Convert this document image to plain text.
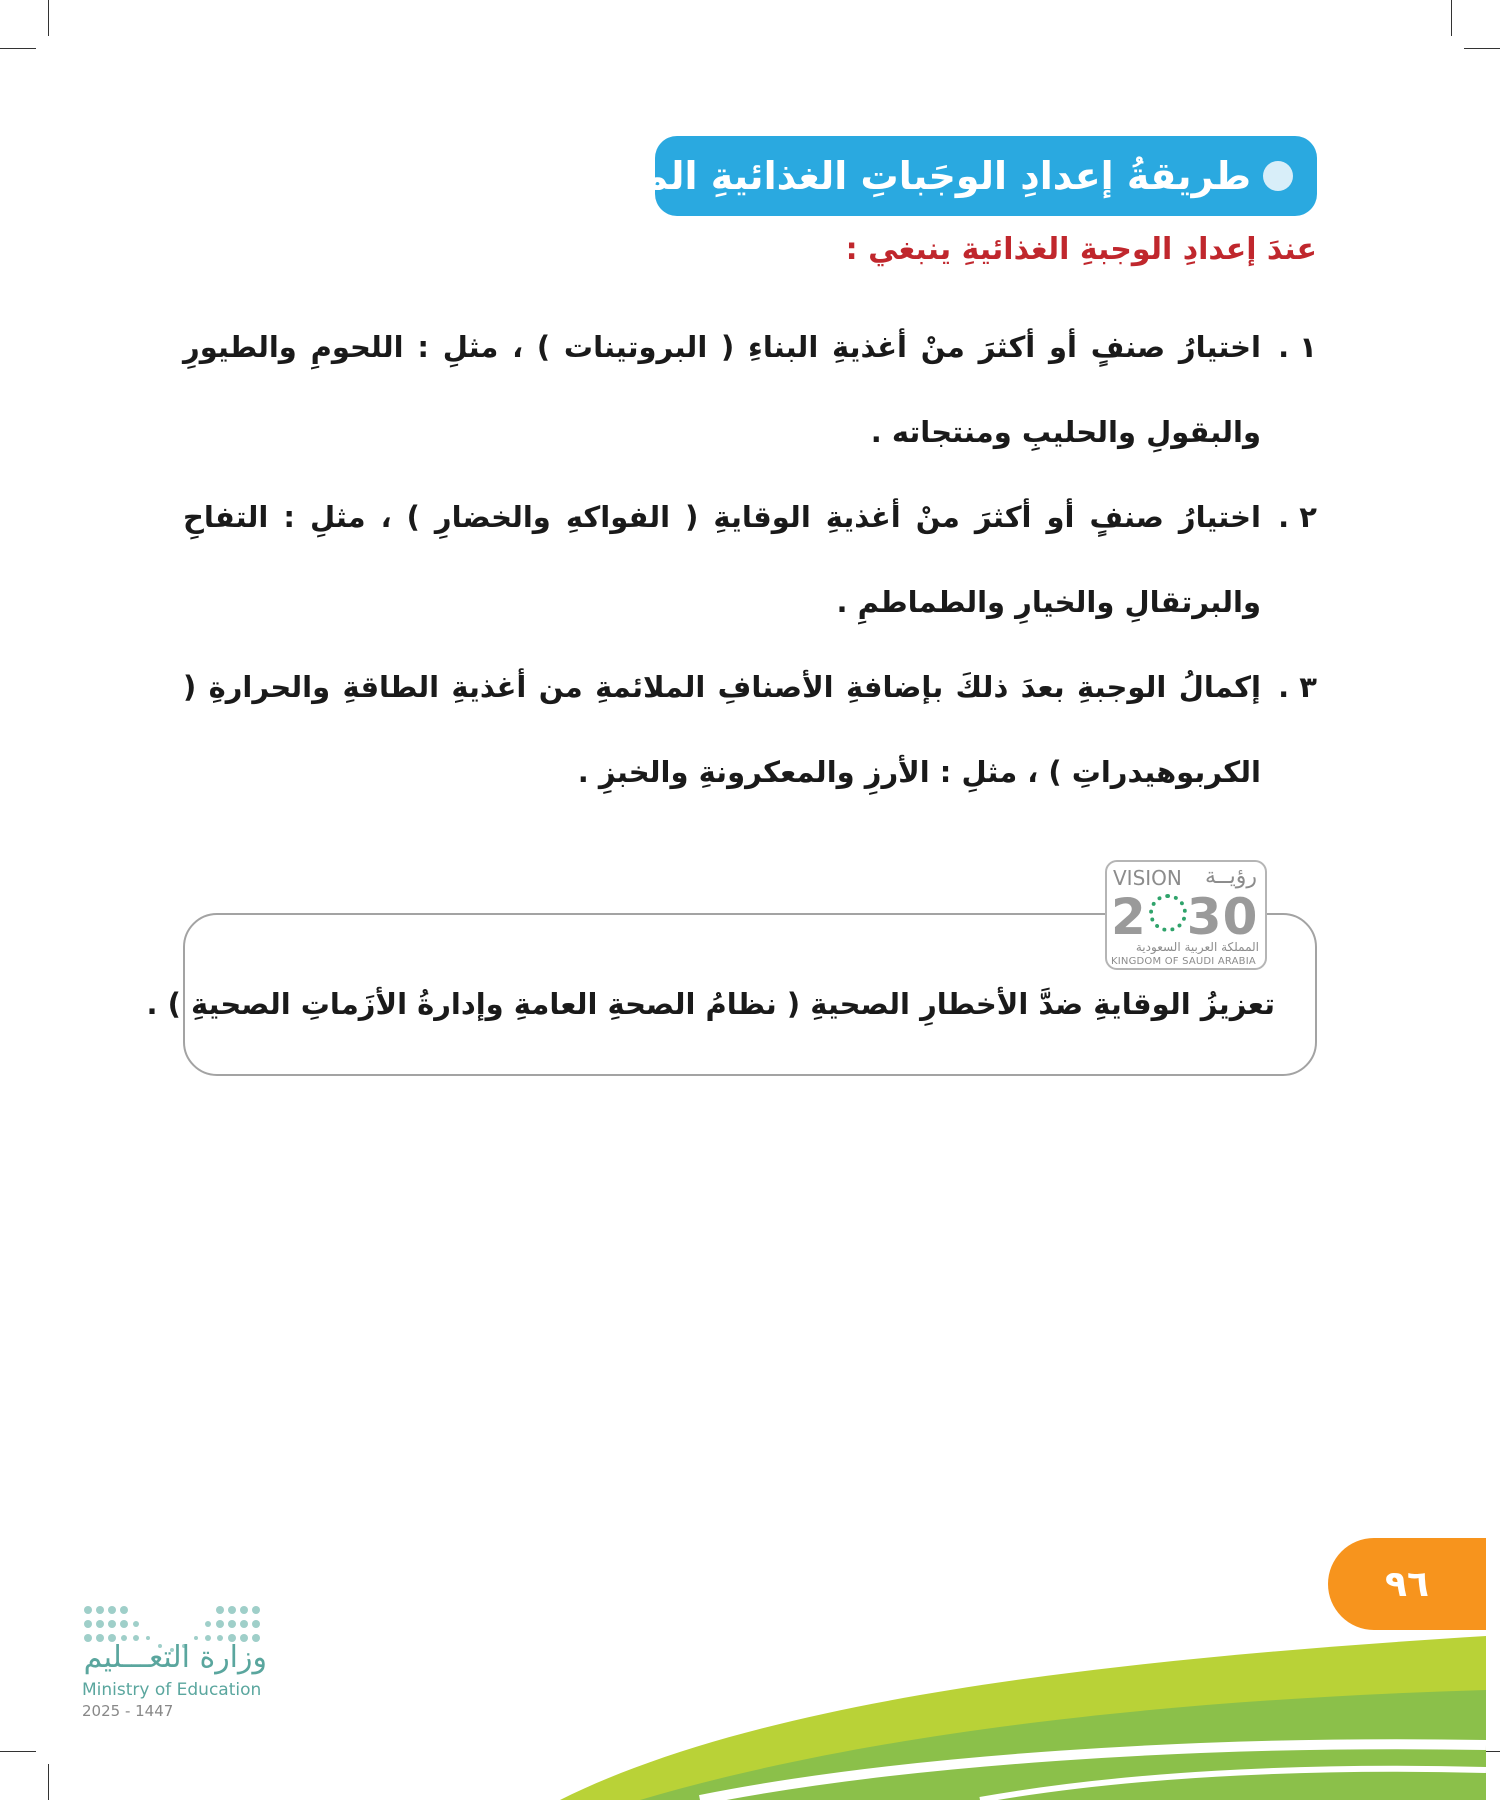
طريقةُ إعدادِ الوجَباتِ الغذائيةِ المتوازنة :
عندَ إعدادِ الوجبةِ الغذائيةِ ينبغي :
١ .
اختيارُ صنفٍ أو أكثرَ منْ أغذيةِ البناءِ ( البروتينات ) ، مثلِ : اللحومِ والطيورِ والبقولِ والحليبِ ومنتجاته .
٢ .
اختيارُ صنفٍ أو أكثرَ منْ أغذيةِ الوقايةِ ( الفواكهِ والخضارِ ) ، مثلِ : التفاحِ والبرتقالِ والخيارِ والطماطمِ .
٣ .
إكمالُ الوجبةِ بعدَ ذلكَ بإضافةِ الأصنافِ الملائمةِ من أغذيةِ الطاقةِ والحرارةِ ( الكربوهيدراتِ ) ، مثلِ : الأرزِ والمعكرونةِ والخبزِ .
تعزيزُ الوقايةِ ضدَّ الأخطارِ الصحيةِ ( نظامُ الصحةِ العامةِ وإدارةُ الأزَماتِ الصحيةِ ) .
VISION رؤيــة
2 30
المملكة العربية السعودية
KINGDOM OF SAUDI ARABIA
٩٦
وزارة التعـــليم
Ministry of Education
2025 - 1447
